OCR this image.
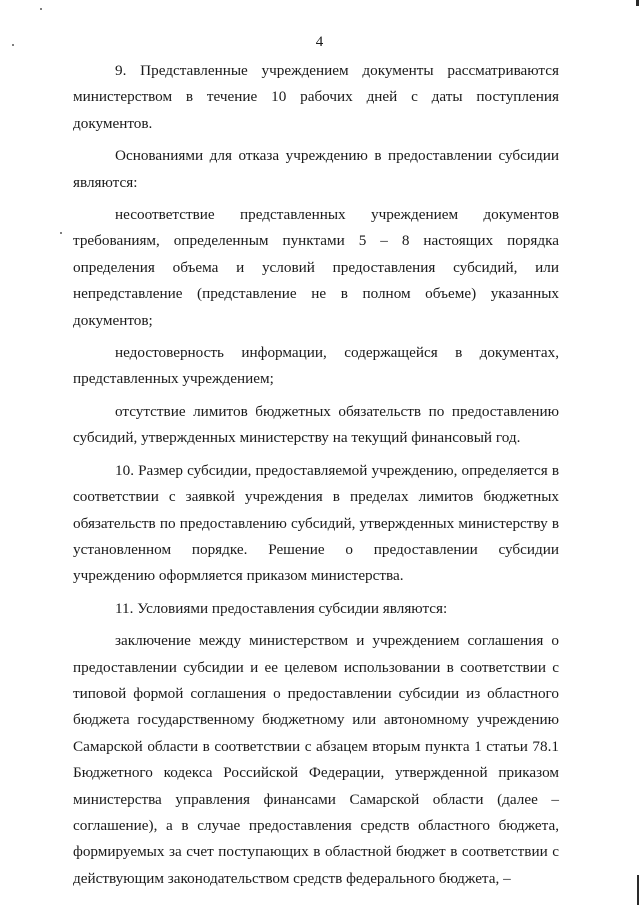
4

9. Представленные учреждением документы рассматриваются министерством в течение 10 рабочих дней с даты поступления документов.

Основаниями для отказа учреждению в предоставлении субсидии являются:

несоответствие представленных учреждением документов требованиям, определенным пунктами 5 – 8 настоящих порядка определения объема и условий предоставления субсидий, или непредставление (представление не в полном объеме) указанных документов;

недостоверность информации, содержащейся в документах, представленных учреждением;

отсутствие лимитов бюджетных обязательств по предоставлению субсидий, утвержденных министерству на текущий финансовый год.

10. Размер субсидии, предоставляемой учреждению, определяется в соответствии с заявкой учреждения в пределах лимитов бюджетных обязательств по предоставлению субсидий, утвержденных министерству в установленном порядке. Решение о предоставлении субсидии учреждению оформляется приказом министерства.

11. Условиями предоставления субсидии являются:

заключение между министерством и учреждением соглашения о предоставлении субсидии и ее целевом использовании в соответствии с типовой формой соглашения о предоставлении субсидии из областного бюджета государственному бюджетному или автономному учреждению Самарской области в соответствии с абзацем вторым пункта 1 статьи 78.1 Бюджетного кодекса Российской Федерации, утвержденной приказом министерства управления финансами Самарской области (далее – соглашение), а в случае предоставления средств областного бюджета, формируемых за счет поступающих в областной бюджет в соответствии с действующим законодательством средств федерального бюджета, –
